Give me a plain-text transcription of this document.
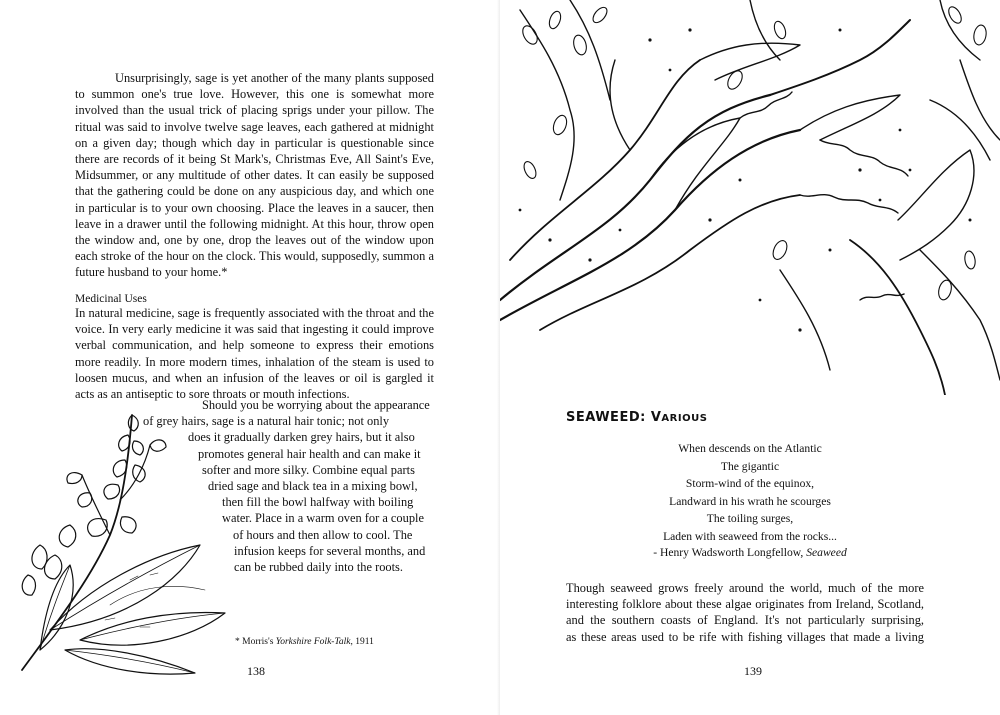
Unsurprisingly, sage is yet another of the many plants supposed to summon one's true love. However, this one is somewhat more involved than the usual trick of placing sprigs under your pillow. The ritual was said to involve twelve sage leaves, each gathered at midnight on a given day; though which day in particular is questionable since there are records of it being St Mark's, Christmas Eve, All Saint's Eve, Midsummer, or any multitude of other dates. It can easily be supposed that the gathering could be done on any auspicious day, and which one in particular is to your own choosing. Place the leaves in a saucer, then leave in a drawer until the following midnight. At this hour, throw open the window and, one by one, drop the leaves out of the window upon each stroke of the hour on the clock. This would, supposedly, summon a future husband to your home.*

Medicinal Uses

In natural medicine, sage is frequently associated with the throat and the voice. In very early medicine it was said that ingesting it could improve verbal communication, and help someone to express their emotions more readily. In more modern times, inhalation of the steam is used to loosen mucus, and when an infusion of the leaves or oil is gargled it acts as an antiseptic to sore throats or mouth infections.

Should you be worrying about the appearance
of grey hairs, sage is a natural hair tonic; not only
does it gradually darken grey hairs, but it also
promotes general hair health and can make it
softer and more silky. Combine equal parts
dried sage and black tea in a mixing bowl,
then fill the bowl halfway with boiling
water. Place in a warm oven for a couple
of hours and then allow to cool. The
infusion keeps for several months, and
can be rubbed daily into the roots.

* Morris's Yorkshire Folk-Talk, 1911

138

SEAWEED: VARIOUS

When descends on the Atlantic
The gigantic
Storm-wind of the equinox,
Landward in his wrath he scourges
The toiling surges,
Laden with seaweed from the rocks...

- Henry Wadsworth Longfellow, Seaweed

Though seaweed grows freely around the world, much of the more
interesting folklore about these algae originates from Ireland, Scotland,
and the southern coasts of England. It's not particularly surprising,
as these areas used to be rife with fishing villages that made a living

139
